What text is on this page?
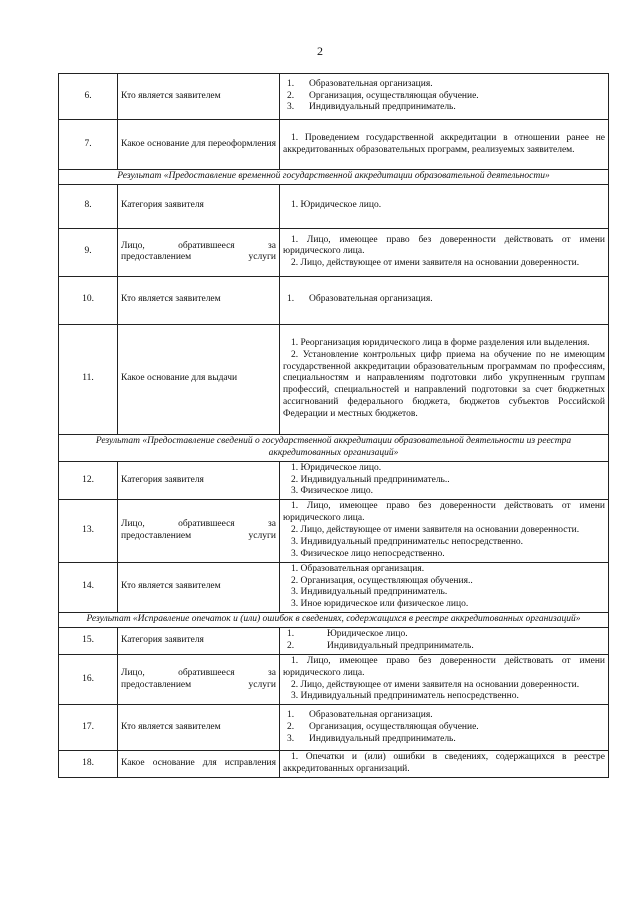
2
6.	Кто является заявителем	1. Образовательная организация.
2. Организация, осуществляющая обучение.
3. Индивидуальный предприниматель.

7.	Какое основание для переоформления	1. Проведением государственной аккредитации в отношении ранее не аккредитованных образовательных программ, реализуемых заявителем.

Результат «Предоставление временной государственной аккредитации образовательной деятельности»		
8.	Категория заявителя	1. Юридическое лицо.

9.	Лицо, обратившееся за предоставлением услуги	1. Лицо, имеющее право без доверенности действовать от имени юридического лица.
2. Лицо, действующее от имени заявителя на основании доверенности.

10.	Кто является заявителем	1. Образовательная организация.

11.	Какое основание для выдачи	1. Реорганизация юридического лица в форме разделения или выделения.
2. Установление контрольных цифр приема на обучение по не имеющим государственной аккредитации образовательным программам по профессиям, специальностям и направлениям подготовки либо укрупненным группам профессий, специальностей и направлений подготовки за счет бюджетных ассигнований федерального бюджета, бюджетов субъектов Российской Федерации и местных бюджетов.

Результат «Предоставление сведений о государственной аккредитации образовательной деятельности из реестра аккредитованных организаций»		
12.	Категория заявителя	1. Юридическое лицо.
2. Индивидуальный предприниматель..
3. Физическое лицо.

13.	Лицо, обратившееся за предоставлением услуги	1. Лицо, имеющее право без доверенности действовать от имени юридического лица.
2. Лицо, действующее от имени заявителя на основании доверенности.
3. Индивидуальный предпринимательс непосредственно.
3. Физическое лицо непосредственно.

14.	Кто является заявителем	1. Образовательная организация.
2. Организация, осуществляющая обучения..
3. Индивидуальный предприниматель.
3. Иное юридическое или физическое лицо.

Результат «Исправление опечаток и (или) ошибок в сведениях, содержащихся в реестре аккредитованных организаций»		
15.	Категория заявителя	1. Юридическое лицо.
2. Индивидуальный предприниматель.

16.	Лицо, обратившееся за предоставлением услуги	1. Лицо, имеющее право без доверенности действовать от имени юридического лица.
2. Лицо, действующее от имени заявителя на основании доверенности.
3. Индивидуальный предприниматель непосредственно.

17.	Кто является заявителем	1. Образовательная организация.
2. Организация, осуществляющая обучение.
3. Индивидуальный предприниматель.

18.	Какое основание для исправления	1. Опечатки и (или) ошибки в сведениях, содержащихся в реестре аккредитованных организаций.
